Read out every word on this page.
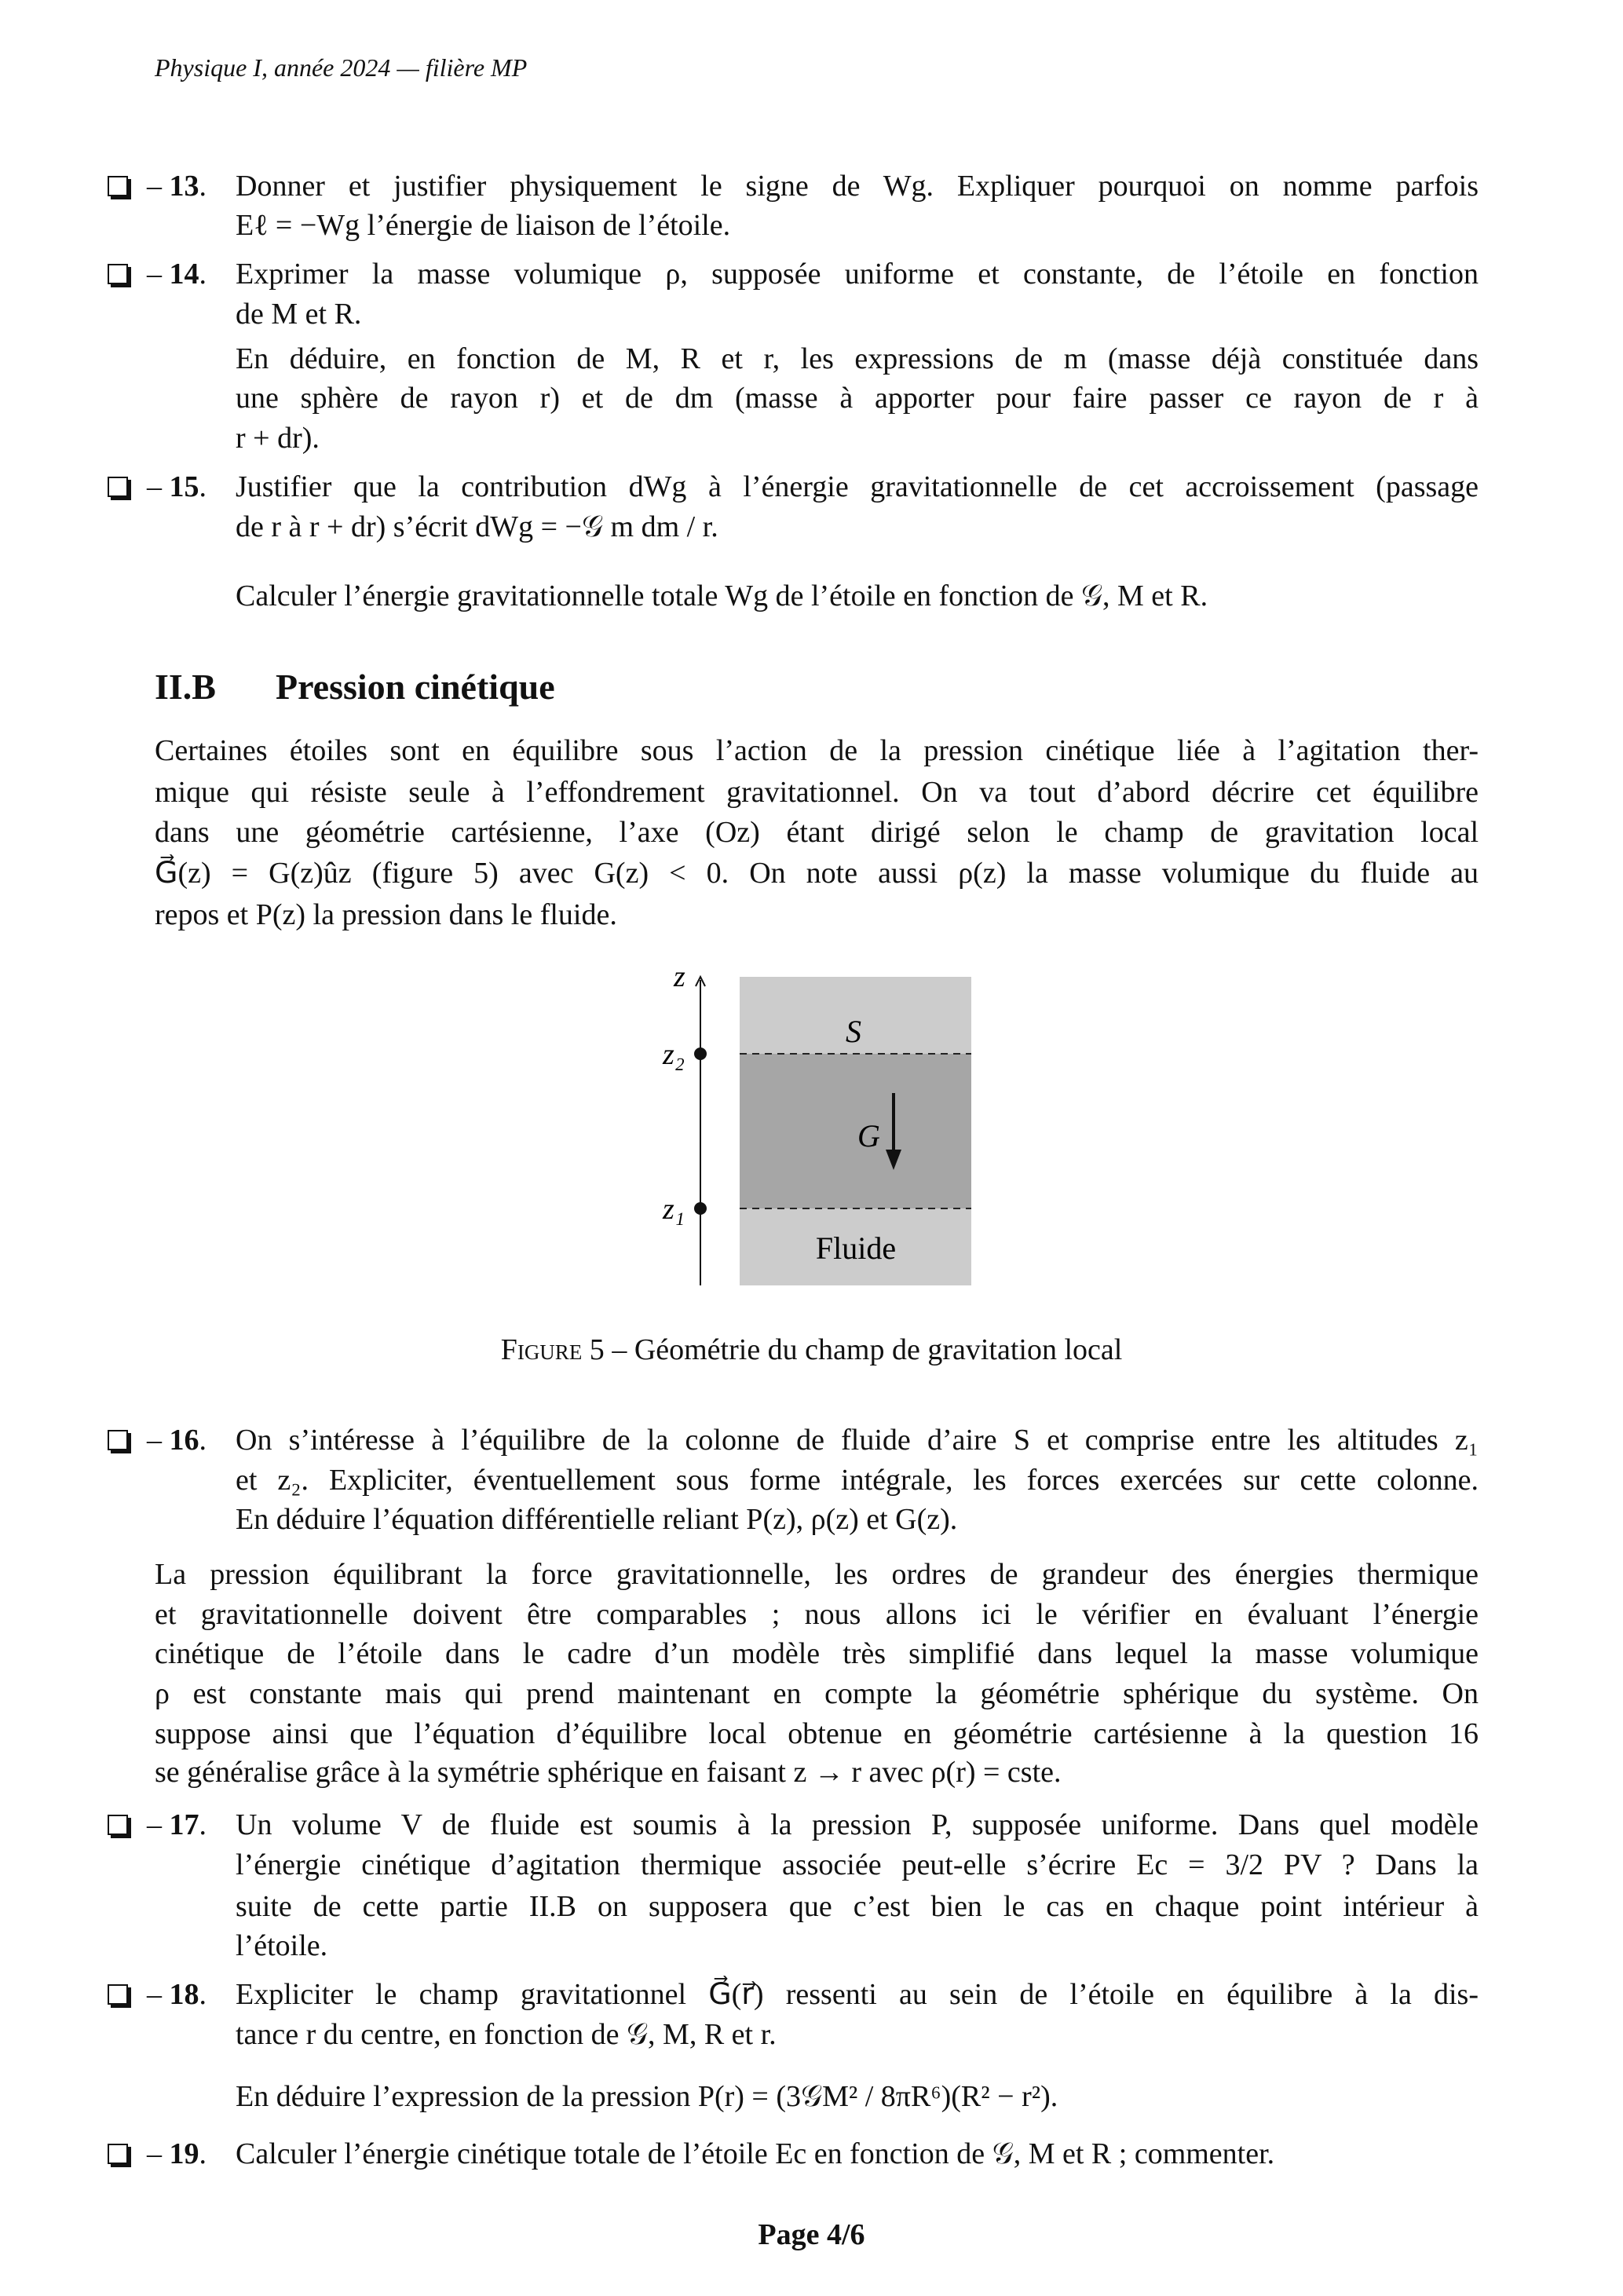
Physique I, année 2024 — filière MP
II.B Pression cinétique
– 13. Donner et justifier physiquement le signe de Wg. Expliquer pourquoi on nomme parfois
Eℓ = −Wg l’énergie de liaison de l’étoile.
– 14. Exprimer la masse volumique ρ, supposée uniforme et constante, de l’étoile en fonction
de M et R.
En déduire, en fonction de M, R et r, les expressions de m (masse déjà constituée dans
une sphère de rayon r) et de dm (masse à apporter pour faire passer ce rayon de r à
r + dr).
– 15. Justifier que la contribution dWg à l’énergie gravitationnelle de cet accroissement (passage
de r à r + dr) s’écrit dWg = −𝒢 m dm / r.
Calculer l’énergie gravitationnelle totale Wg de l’étoile en fonction de 𝒢, M et R.
Certaines étoiles sont en équilibre sous l’action de la pression cinétique liée à l’agitation ther-
mique qui résiste seule à l’effondrement gravitationnel. On va tout d’abord décrire cet équilibre
dans une géométrie cartésienne, l’axe (Oz) étant dirigé selon le champ de gravitation local
G⃗(z) = G(z)ûz (figure 5) avec G(z) < 0. On note aussi ρ(z) la masse volumique du fluide au
repos et P(z) la pression dans le fluide.
– 16. On s’intéresse à l’équilibre de la colonne de fluide d’aire S et comprise entre les altitudes z₁
et z₂. Expliciter, éventuellement sous forme intégrale, les forces exercées sur cette colonne.
En déduire l’équation différentielle reliant P(z), ρ(z) et G(z).
La pression équilibrant la force gravitationnelle, les ordres de grandeur des énergies thermique
et gravitationnelle doivent être comparables ; nous allons ici le vérifier en évaluant l’énergie
cinétique de l’étoile dans le cadre d’un modèle très simplifié dans lequel la masse volumique
ρ est constante mais qui prend maintenant en compte la géométrie sphérique du système. On
suppose ainsi que l’équation d’équilibre local obtenue en géométrie cartésienne à la question 16
se généralise grâce à la symétrie sphérique en faisant z → r avec ρ(r) = cste.
– 17. Un volume V de fluide est soumis à la pression P, supposée uniforme. Dans quel modèle
l’énergie cinétique d’agitation thermique associée peut-elle s’écrire Ec = 3/2 PV ? Dans la
suite de cette partie II.B on supposera que c’est bien le cas en chaque point intérieur à
l’étoile.
– 18. Expliciter le champ gravitationnel G⃗(r⃗) ressenti au sein de l’étoile en équilibre à la dis-
tance r du centre, en fonction de 𝒢, M, R et r.
En déduire l’expression de la pression P(r) = (3𝒢M² / 8πR⁶)(R² − r²).
– 19. Calculer l’énergie cinétique totale de l’étoile Ec en fonction de 𝒢, M et R ; commenter.
z
z₂
z₁
S
G⃗
Fluide
Figure 5 – Géométrie du champ de gravitation local
Page 4/6
